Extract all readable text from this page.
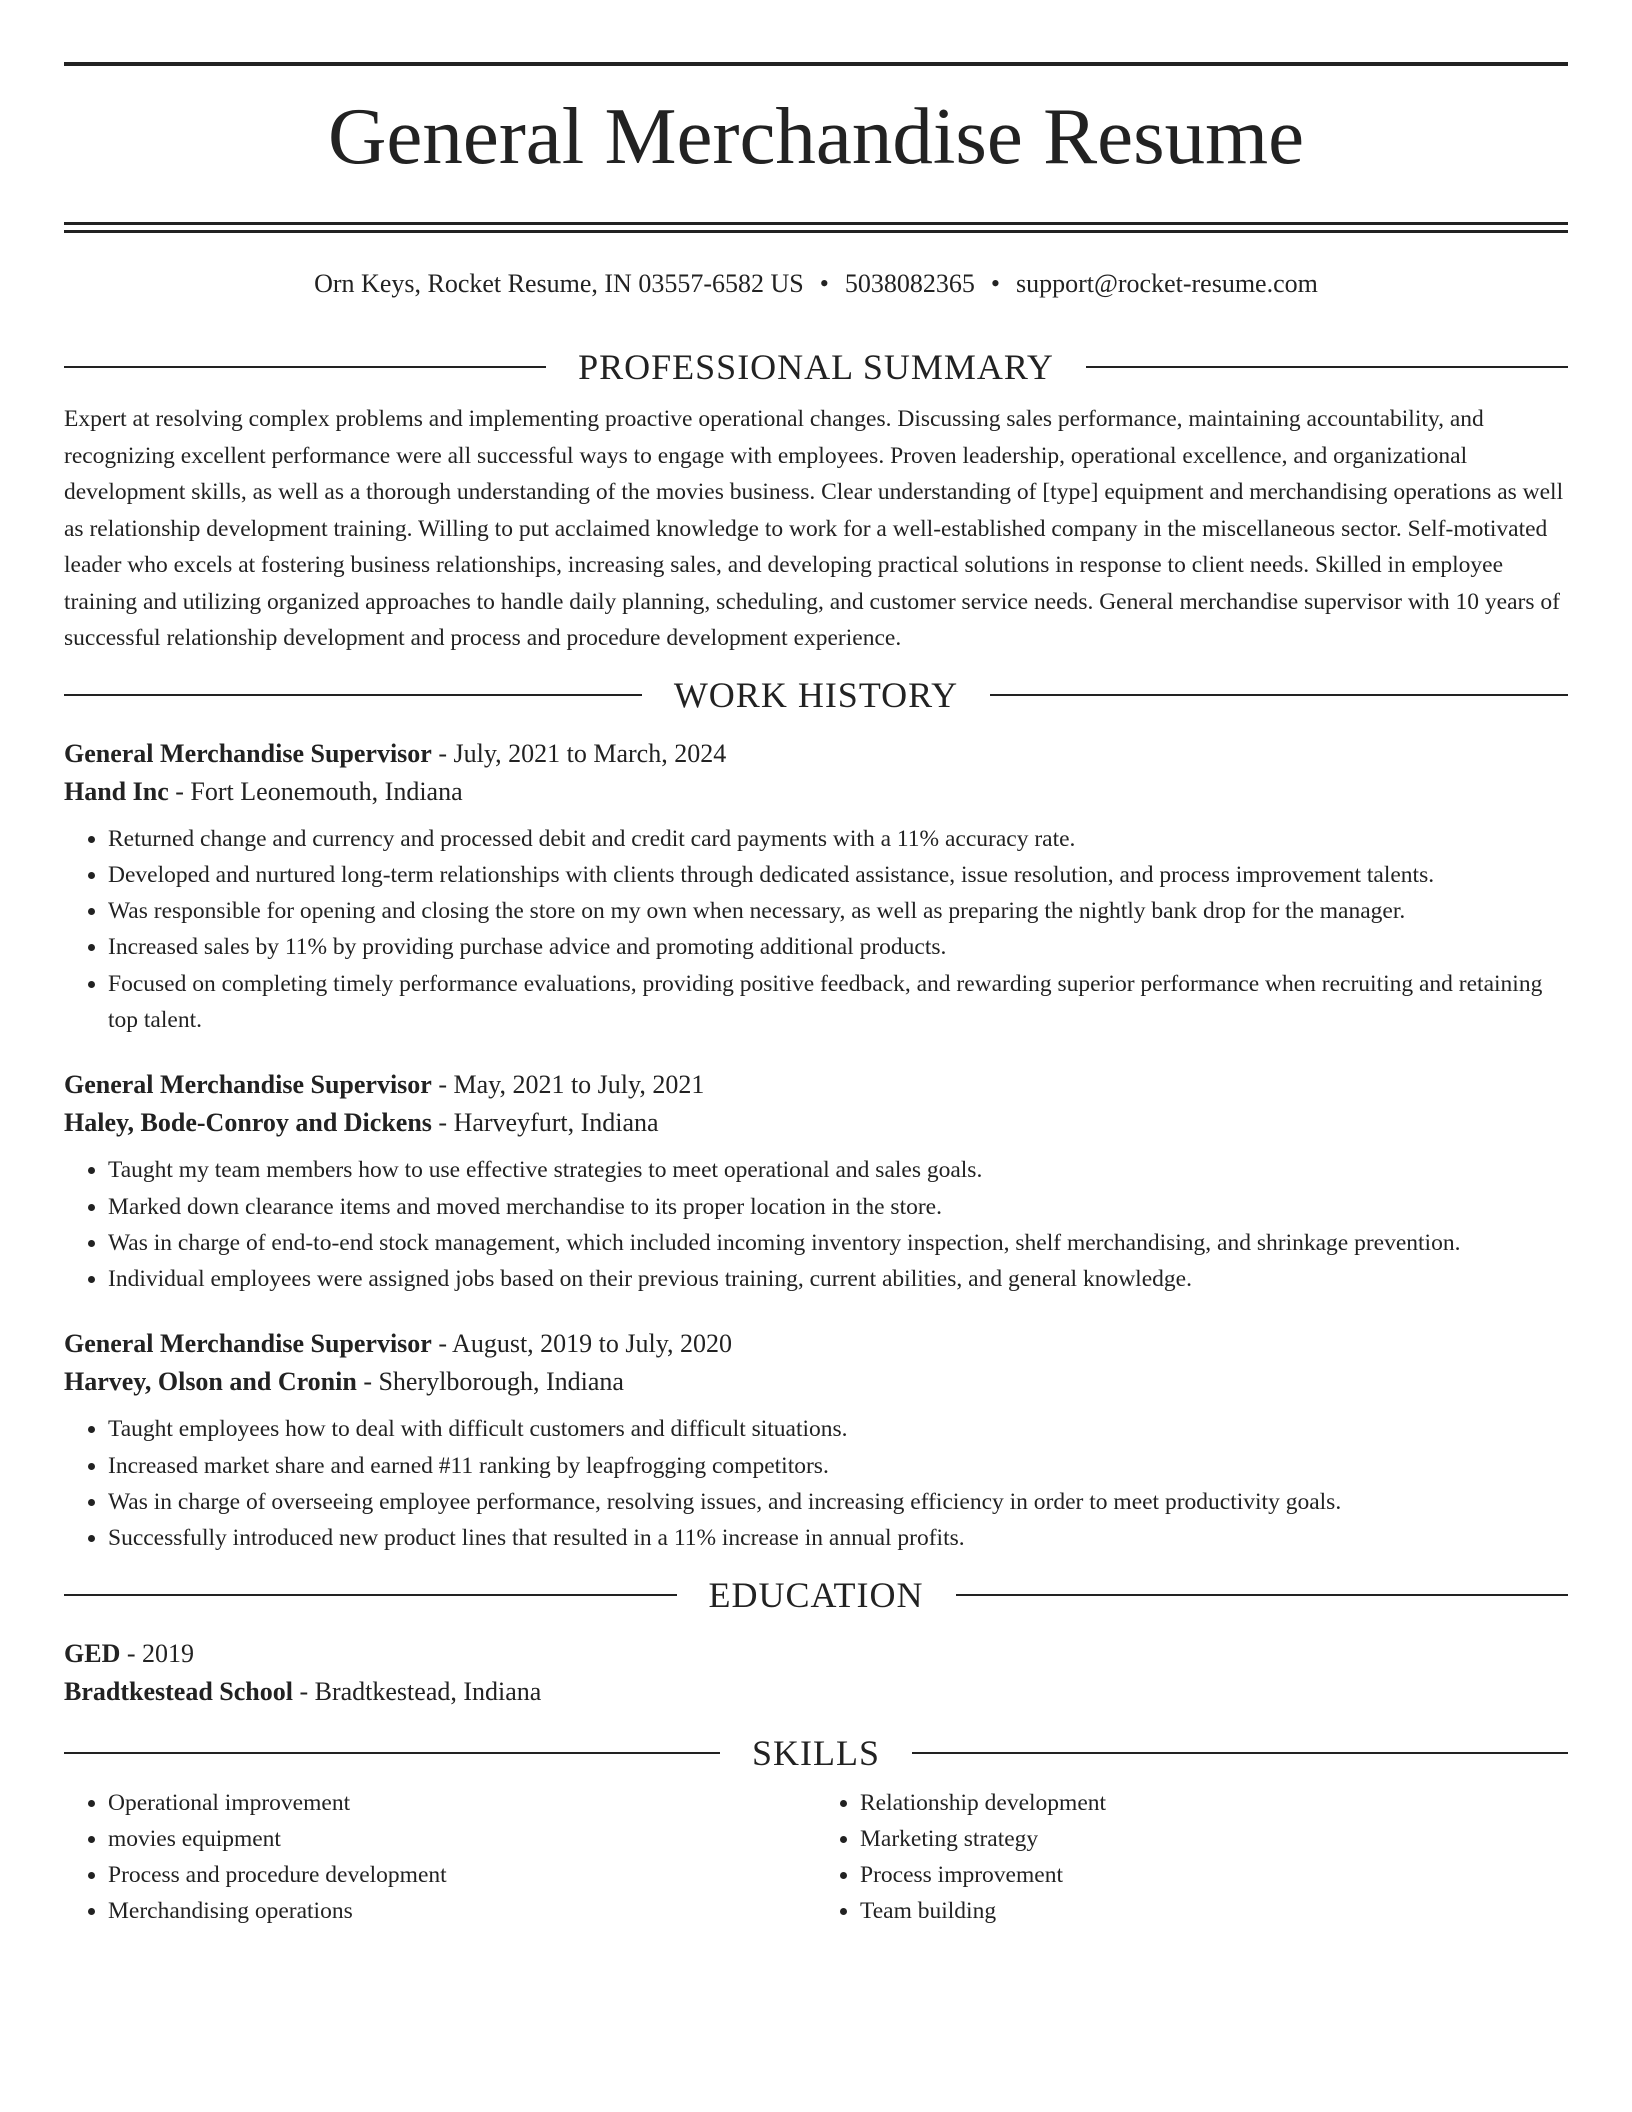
General Merchandise Resume
Orn Keys, Rocket Resume, IN 03557-6582 US • 5038082365 • support@rocket-resume.com
PROFESSIONAL SUMMARY

Expert at resolving complex problems and implementing proactive operational changes. Discussing sales performance, maintaining accountability, and recognizing excellent performance were all successful ways to engage with employees. Proven leadership, operational excellence, and organizational development skills, as well as a thorough understanding of the movies business. Clear understanding of [type] equipment and merchandising operations as well as relationship development training. Willing to put acclaimed knowledge to work for a well-established company in the miscellaneous sector. Self-motivated leader who excels at fostering business relationships, increasing sales, and developing practical solutions in response to client needs. Skilled in employee training and utilizing organized approaches to handle daily planning, scheduling, and customer service needs. General merchandise supervisor with 10 years of successful relationship development and process and procedure development experience.

WORK HISTORY
General Merchandise Supervisor - July, 2021 to March, 2024
Hand Inc - Fort Leonemouth, Indiana
• Returned change and currency and processed debit and credit card payments with a 11% accuracy rate.
• Developed and nurtured long-term relationships with clients through dedicated assistance, issue resolution, and process improvement talents.
• Was responsible for opening and closing the store on my own when necessary, as well as preparing the nightly bank drop for the manager.
• Increased sales by 11% by providing purchase advice and promoting additional products.
• Focused on completing timely performance evaluations, providing positive feedback, and rewarding superior performance when recruiting and retaining top talent.
General Merchandise Supervisor - May, 2021 to July, 2021
Haley, Bode-Conroy and Dickens - Harveyfurt, Indiana
• Taught my team members how to use effective strategies to meet operational and sales goals.
• Marked down clearance items and moved merchandise to its proper location in the store.
• Was in charge of end-to-end stock management, which included incoming inventory inspection, shelf merchandising, and shrinkage prevention.
• Individual employees were assigned jobs based on their previous training, current abilities, and general knowledge.
General Merchandise Supervisor - August, 2019 to July, 2020
Harvey, Olson and Cronin - Sherylborough, Indiana
• Taught employees how to deal with difficult customers and difficult situations.
• Increased market share and earned #11 ranking by leapfrogging competitors.
• Was in charge of overseeing employee performance, resolving issues, and increasing efficiency in order to meet productivity goals.
• Successfully introduced new product lines that resulted in a 11% increase in annual profits.
EDUCATION
GED - 2019
Bradtkestead School - Bradtkestead, Indiana
SKILLS
• Operational improvement
• movies equipment
• Process and procedure development
• Merchandising operations
• Relationship development
• Marketing strategy
• Process improvement
• Team building
